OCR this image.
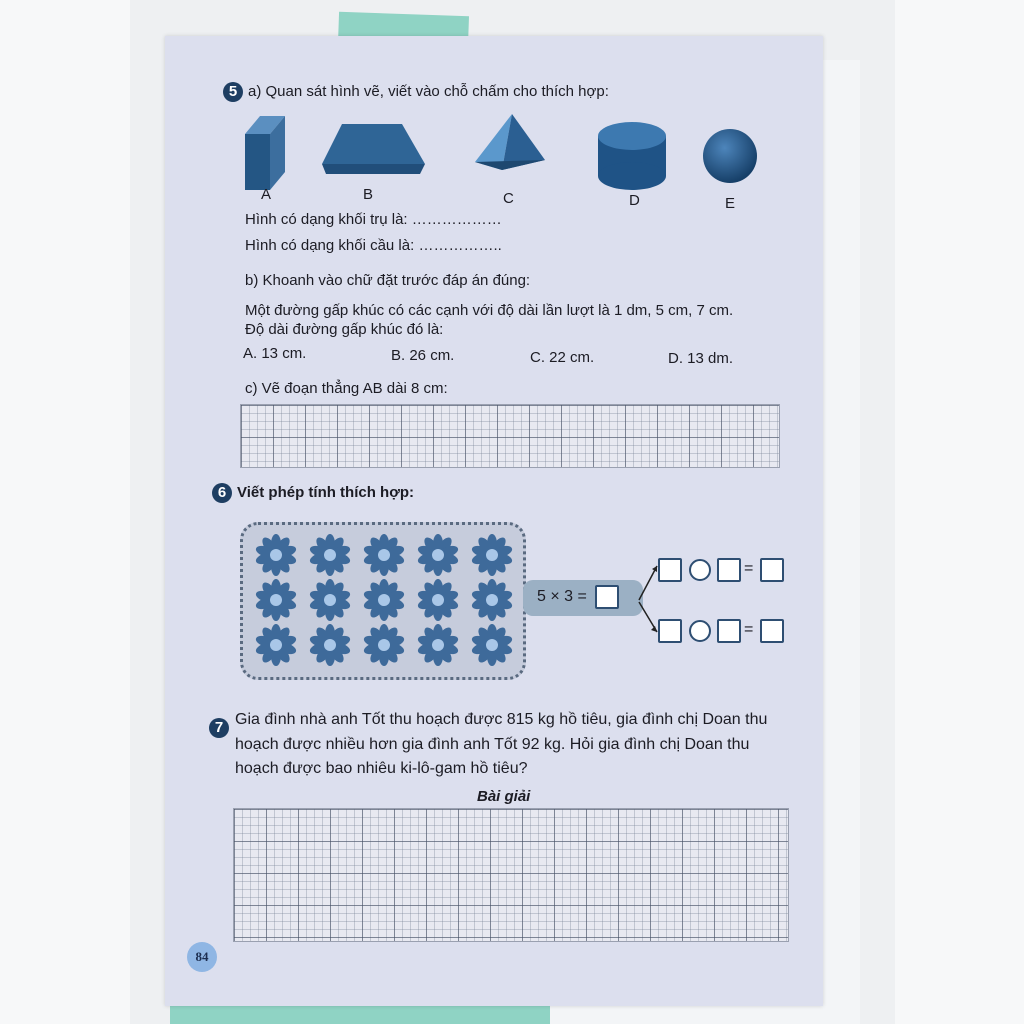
5 a) Quan sát hình vẽ, viết vào chỗ chấm cho thích hợp:
A	B	C	D	E
Hình có dạng khối trụ là: ………………
Hình có dạng khối cầu là: ……………..
b) Khoanh vào chữ đặt trước đáp án đúng:
Một đường gấp khúc có các cạnh với độ dài lần lượt là 1 dm, 5 cm, 7 cm.
Độ dài đường gấp khúc đó là:
A. 13 cm.	B. 26 cm.	C. 22 cm.	D. 13 dm.
c) Vẽ đoạn thẳng AB dài 8 cm:
6 Viết phép tính thích hợp:
5 × 3 =
=
=
7 Gia đình nhà anh Tốt thu hoạch được 815 kg hồ tiêu, gia đình chị Doan thu
hoạch được nhiều hơn gia đình anh Tốt 92 kg. Hỏi gia đình chị Doan thu
hoạch được bao nhiêu ki-lô-gam hồ tiêu?
Bài giải
84
